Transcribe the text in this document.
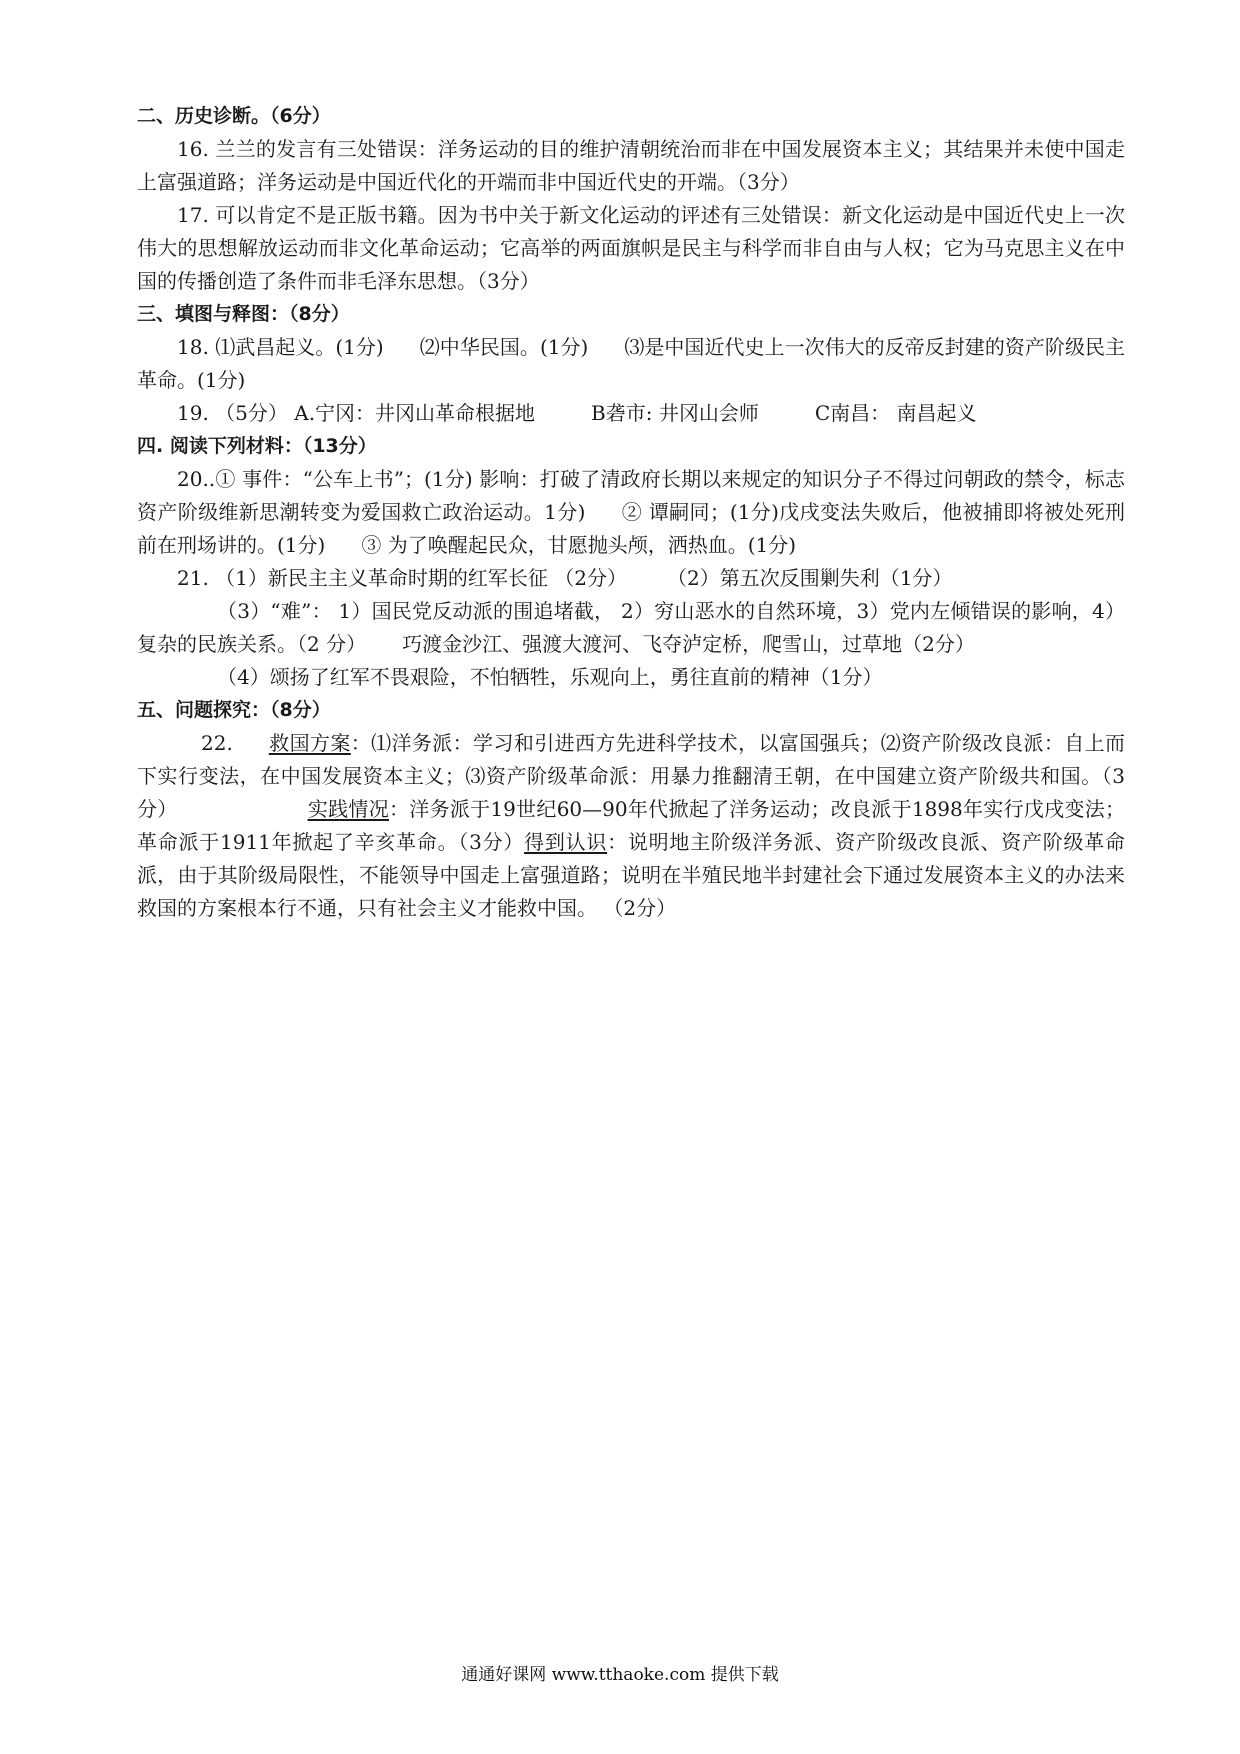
二、历史诊断。（6分）

16. 兰兰的发言有三处错误：洋务运动的目的维护清朝统治而非在中国发展资本主义；其结果并未使中国走上富强道路；洋务运动是中国近代化的开端而非中国近代史的开端。（3分）

17. 可以肯定不是正版书籍。因为书中关于新文化运动的评述有三处错误：新文化运动是中国近代史上一次伟大的思想解放运动而非文化革命运动；它高举的两面旗帜是民主与科学而非自由与人权；它为马克思主义在中国的传播创造了条件而非毛泽东思想。（3分）

三、填图与释图：（8分）

18. ⑴武昌起义。(1分) ⑵中华民国。(1分) ⑶是中国近代史上一次伟大的反帝反封建的资产阶级民主革命。(1分)

19. （5分） A.宁冈：井冈山革命根据地	B砻市: 井冈山会师	C南昌： 南昌起义

四. 阅读下列材料：（13分）

20..① 事件：“公车上书”；(1分) 影响：打破了清政府长期以来规定的知识分子不得过问朝政的禁令，标志资产阶级维新思潮转变为爱国救亡政治运动。1分) ② 谭嗣同；(1分)戊戌变法失败后，他被捕即将被处死刑前在刑场讲的。(1分) ③ 为了唤醒起民众，甘愿抛头颅，洒热血。(1分)

21. （1）新民主主义革命时期的红军长征 （2分） （2）第五次反围剿失利（1分）

（3）“难”： 1）国民党反动派的围追堵截， 2）穷山恶水的自然环境，3）党内左倾错误的影响，4）复杂的民族关系。（2 分） 巧渡金沙江、强渡大渡河、飞夺泸定桥，爬雪山，过草地（2分）

（4）颂扬了红军不畏艰险，不怕牺牲，乐观向上，勇往直前的精神（1分）

五、问题探究：（8分）

22. 救国方案：⑴洋务派：学习和引进西方先进科学技术，以富国强兵；⑵资产阶级改良派：自上而下实行变法，在中国发展资本主义；⑶资产阶级革命派：用暴力推翻清王朝，在中国建立资产阶级共和国。（3分）	实践情况：洋务派于19世纪60—90年代掀起了洋务运动；改良派于1898年实行戊戌变法；革命派于1911年掀起了辛亥革命。（3分）得到认识：说明地主阶级洋务派、资产阶级改良派、资产阶级革命派，由于其阶级局限性，不能领导中国走上富强道路；说明在半殖民地半封建社会下通过发展资本主义的办法来救国的方案根本行不通，只有社会主义才能救中国。 （2分）

通通好课网 www.tthaoke.com 提供下载
